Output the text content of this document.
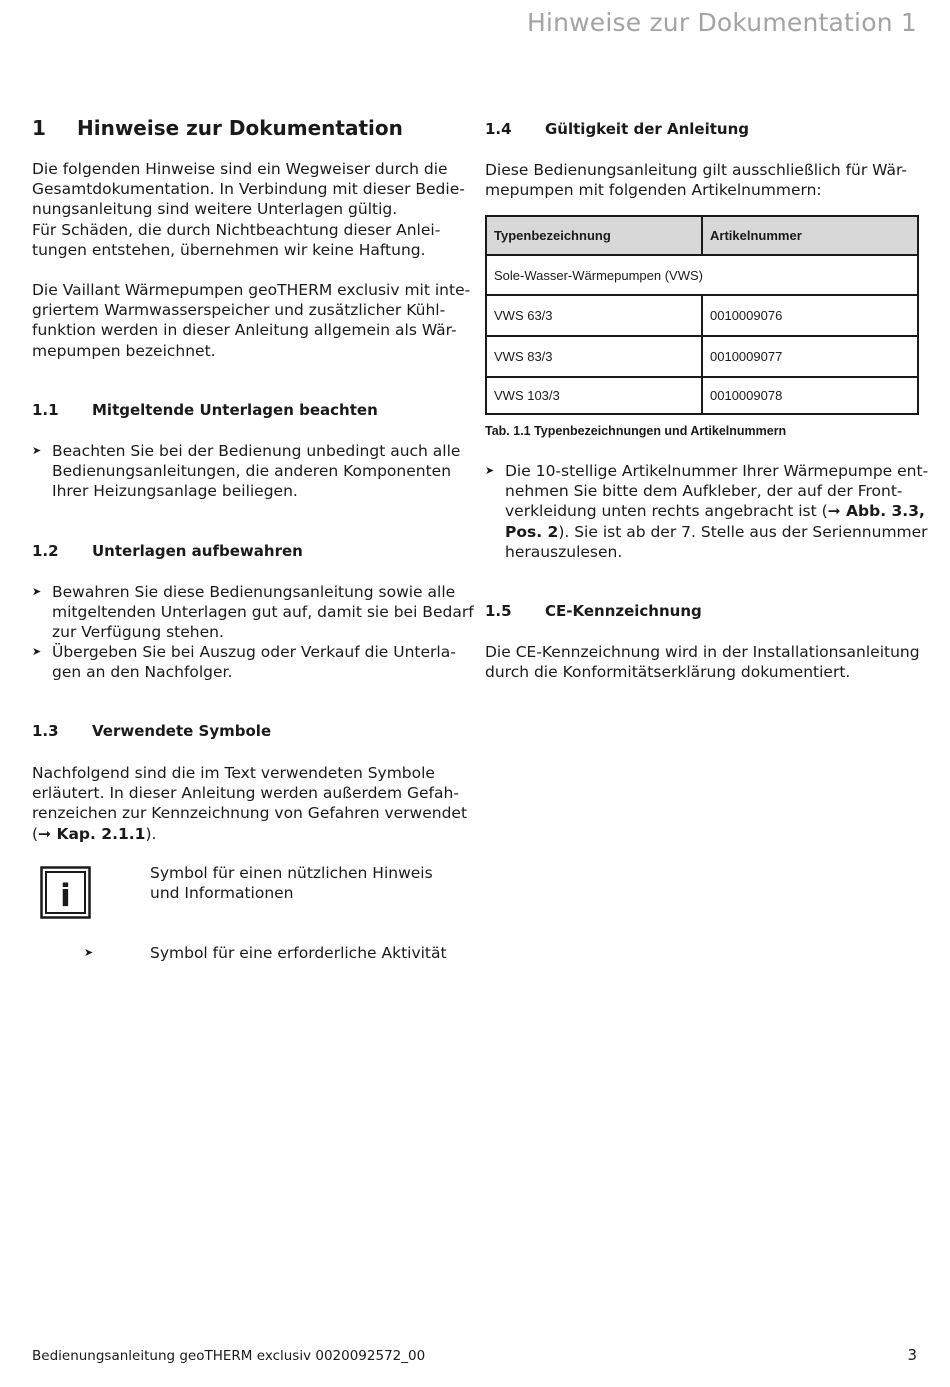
Hinweise zur Dokumentation 1
1 Hinweise zur Dokumentation
Die folgenden Hinweise sind ein Wegweiser durch die
Gesamtdokumentation. In Verbindung mit dieser Bedie-
nungsanleitung sind weitere Unterlagen gültig.
Für Schäden, die durch Nichtbeachtung dieser Anlei-
tungen entstehen, übernehmen wir keine Haftung.
Die Vaillant Wärmepumpen geoTHERM exclusiv mit inte-
griertem Warmwasserspeicher und zusätzlicher Kühl-
funktion werden in dieser Anleitung allgemein als Wär-
mepumpen bezeichnet.
1.1 Mitgeltende Unterlagen beachten
➤ Beachten Sie bei der Bedienung unbedingt auch alle
Bedienungsanleitungen, die anderen Komponenten
Ihrer Heizungsanlage beiliegen.
1.2 Unterlagen aufbewahren
➤ Bewahren Sie diese Bedienungsanleitung sowie alle
mitgeltenden Unterlagen gut auf, damit sie bei Bedarf
zur Verfügung stehen.
➤ Übergeben Sie bei Auszug oder Verkauf die Unterla-
gen an den Nachfolger.
1.3 Verwendete Symbole
Nachfolgend sind die im Text verwendeten Symbole
erläutert. In dieser Anleitung werden außerdem Gefah-
renzeichen zur Kennzeichnung von Gefahren verwendet
(➞ Kap. 2.1.1).
i
Symbol für einen nützlichen Hinweis
und Informationen
➤	Symbol für eine erforderliche Aktivität
1.4 Gültigkeit der Anleitung
Diese Bedienungsanleitung gilt ausschließlich für Wär-
mepumpen mit folgenden Artikelnummern:
Typenbezeichnung	Artikelnummer
Sole-Wasser-Wärmepumpen (VWS)	
VWS 63/3	0010009076
VWS 83/3	0010009077
VWS 103/3	0010009078
Tab. 1.1 Typenbezeichnungen und Artikelnummern
➤ Die 10-stellige Artikelnummer Ihrer Wärmepumpe ent-
nehmen Sie bitte dem Aufkleber, der auf der Front-
verkleidung unten rechts angebracht ist (➞ Abb. 3.3,
Pos. 2). Sie ist ab der 7. Stelle aus der Seriennummer
herauszulesen.
1.5 CE-Kennzeichnung
Die CE-Kennzeichnung wird in der Installationsanleitung
durch die Konformitätserklärung dokumentiert.
Bedienungsanleitung geoTHERM exclusiv 0020092572_00	3
